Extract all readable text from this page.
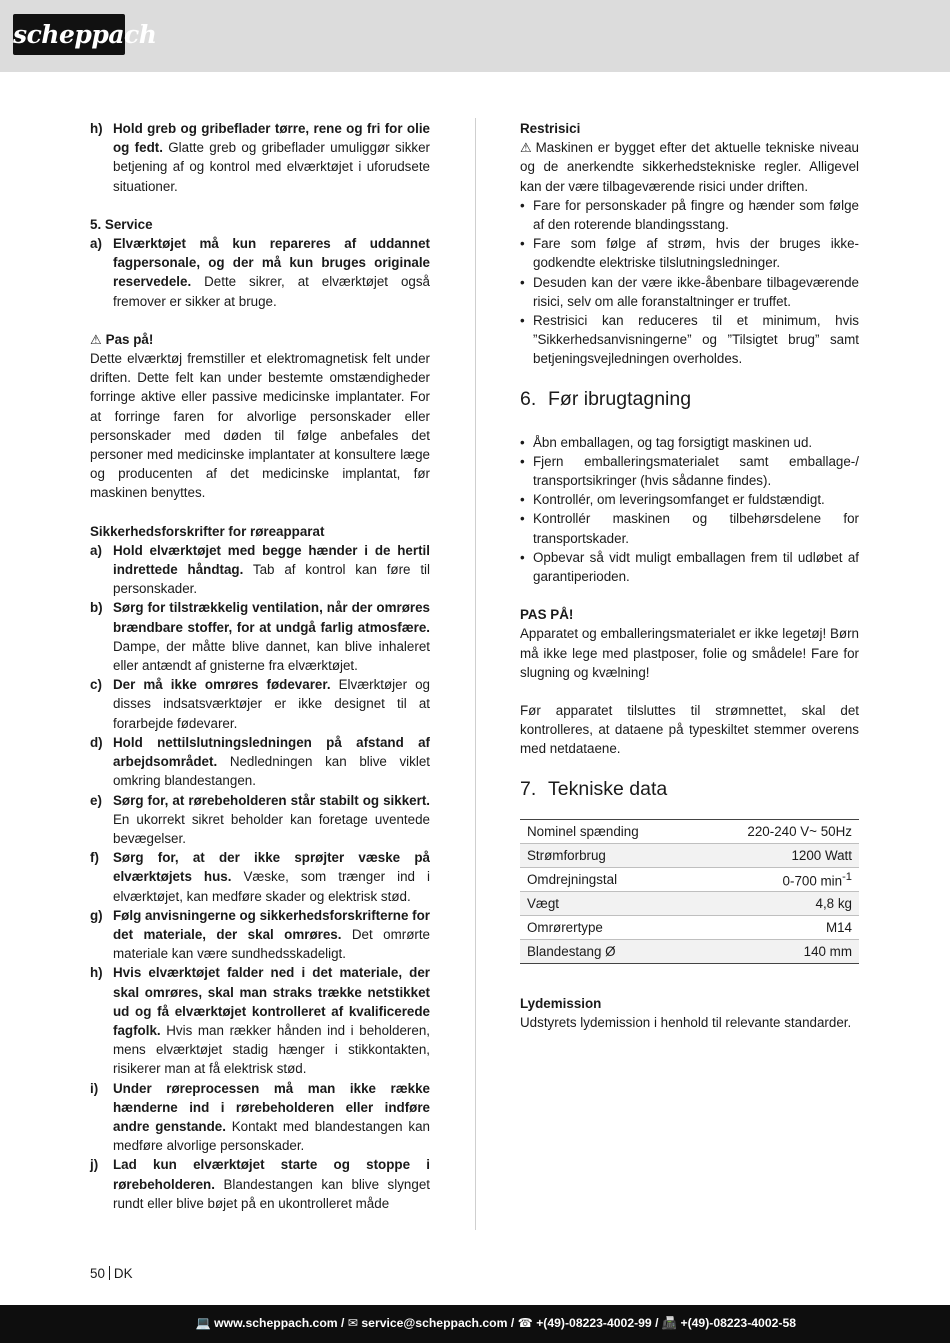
scheppach
h) Hold greb og gribeflader tørre, rene og fri for olie og fedt. Glatte greb og gribeflader umuliggør sikker betjening af og kontrol med elværktøjet i uforudsete situationer.
5. Service
a) Elværktøjet må kun repareres af uddannet fagpersonale, og der må kun bruges originale reservedele. Dette sikrer, at elværktøjet også fremover er sikker at bruge.
⚠ Pas på!

Dette elværktøj fremstiller et elektromagnetisk felt under driften. Dette felt kan under bestemte omstændigheder forringe aktive eller passive medicinske implantater. For at forringe faren for alvorlige personskader eller personskader med døden til følge anbefales det personer med medicinske implantater at konsultere læge og producenten af det medicinske implantat, før maskinen benyttes.

Sikkerhedsforskrifter for røreapparat
a) Hold elværktøjet med begge hænder i de hertil indrettede håndtag. Tab af kontrol kan føre til personskader.
b) Sørg for tilstrækkelig ventilation, når der omrøres brændbare stoffer, for at undgå farlig atmosfære. Dampe, der måtte blive dannet, kan blive inhaleret eller antændt af gnisterne fra elværktøjet.
c) Der må ikke omrøres fødevarer. Elværktøjer og disses indsatsværktøjer er ikke designet til at forarbejde fødevarer.
d) Hold nettilslutningsledningen på afstand af arbejdsområdet. Nedledningen kan blive viklet omkring blandestangen.
e) Sørg for, at rørebeholderen står stabilt og sikkert. En ukorrekt sikret beholder kan foretage uventede bevægelser.
f)	Sørg for, at der ikke sprøjter væske på elværktøjets hus. Væske, som trænger ind i elværktøjet, kan medføre skader og elektrisk stød.
g) Følg anvisningerne og sikkerhedsforskrifterne for det materiale, der skal omrøres. Det omrørte materiale kan være sundhedsskadeligt.
h) Hvis elværktøjet falder ned i det materiale, der skal omrøres, skal man straks trække netstikket ud og få elværktøjet kontrolleret af kvalificerede fagfolk. Hvis man rækker hånden ind i beholderen, mens elværktøjet stadig hænger i stikkontakten, risikerer man at få elektrisk stød.
i)	Under røreprocessen må man ikke række hænderne ind i rørebeholderen eller indføre andre genstande. Kontakt med blandestangen kan medføre alvorlige personskader.
j)	Lad kun elværktøjet starte og stoppe i rørebeholderen. Blandestangen kan blive slynget rundt eller blive bøjet på en ukontrolleret måde
Restrisici

⚠ Maskinen er bygget efter det aktuelle tekniske niveau og de anerkendte sikkerhedstekniske regler. Alligevel kan der være tilbageværende risici under driften.

• Fare for personskader på fingre og hænder som følge af den roterende blandingsstang.
• Fare som følge af strøm, hvis der bruges ikke-godkendte elektriske tilslutningsledninger.
• Desuden kan der være ikke-åbenbare tilbageværende risici, selv om alle foranstaltninger er truffet.
• Restrisici kan reduceres til et minimum, hvis ”Sikkerhedsanvisningerne” og ”Tilsigtet brug” samt betjeningsvejledningen overholdes.
6. Før ibrugtagning
• Åbn emballagen, og tag forsigtigt maskinen ud.
• Fjern emballeringsmaterialet samt emballage-/ transportsikringer (hvis sådanne findes).
• Kontrollér, om leveringsomfanget er fuldstændigt.
• Kontrollér maskinen og tilbehørsdelene for transportskader.
• Opbevar så vidt muligt emballagen frem til udløbet af garantiperioden.
PAS PÅ!

Apparatet og emballeringsmaterialet er ikke legetøj! Børn må ikke lege med plastposer, folie og smådele! Fare for slugning og kvælning!

Før apparatet tilsluttes til strømnettet, skal det kontrolleres, at dataene på typeskiltet stemmer overens med netdataene.

7. Tekniske data
Nominel spænding	220-240 V~ 50Hz
Strømforbrug	1200 Watt
Omdrejningstal	0-700 $\min^{-1}$
Vægt	4,8 kg
Omrørertype	M14
Blandestang Ø	140 mm
Lydemission

Udstyrets lydemission i henhold til relevante standarder.

50 DK
💻 www.scheppach.com / ✉ service@scheppach.com / ☎ +(49)-08223-4002-99 / 📠 +(49)-08223-4002-58
